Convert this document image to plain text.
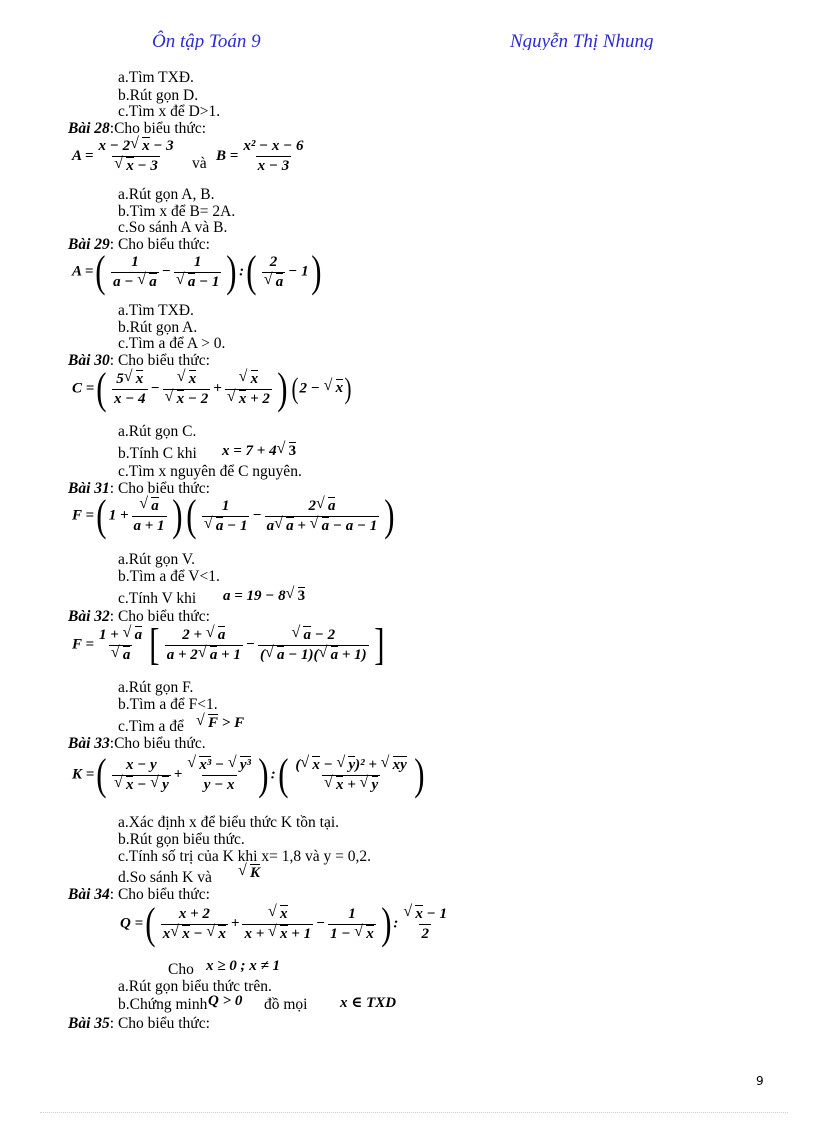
Ôn tập Toán 9	Nguyễn Thị Nhung
a.Tìm TXĐ.
b.Rút gọn D.
c.Tìm x để D>1.
Bài 28:Cho biểu thức:
A = x − 2 √ x − 3
√ x − 3 và $B = \frac{\text{x² − x − 6}}{x - 3}$
a.Rút gọn A, B.
b.Tìm x để B= 2A.
c.So sánh A và B.
Bài 29: Cho biểu thức:
A =( $\frac{1}{a - √ a} - 1$
√ a − 1 ) :( 2
√ a − 1)
a.Tìm TXĐ.
b.Rút gọn A.
c.Tìm a để A > 0.
Bài 30: Cho biểu thức:
C =( $\frac{5 √ x}{x - 4}$ − √ x
√ x − 2 + √ x
√ x + 2 ) ( 2 − √ x)
a.Rút gọn C.
b.Tính C khi x = 7 + 4 √ 3
c.Tìm x nguyên để C nguyên.
Bài 31: Cho biểu thức:
F =( 1 + √ $\frac{a}{a + 1}$ )( 1
√ $a - 1 - \frac{2 √ a}{a √ a + √ a - a - 1}$ )
a.Rút gọn V.
b.Tìm a để V<1.
c.Tính V khi a = 19 − 8 √ 3
Bài 32: Cho biểu thức:
F = 1 + √ a
√ a [ $\frac{2 + √ a}{a + 2 √ a + 1}$ − √ $\frac{a - 2}{( √ a - 1)( √ a + 1)}$ ]
a.Rút gọn F.
b.Tìm a để F<1.
c.Tìm a để	√ F > F
Bài 33:Cho biểu thức.
K =( x − y
√ x − √ y + √ $\frac{\text{x³ − √ y³}}{y - x}$ ) :( ( √ x − √ y)² + √ xy
√ x + √ y )
a.Xác định x để biểu thức K tồn tại.
b.Rút gọn biểu thức.
c.Tính số trị của K khi x= 1,8 và y = 0,2.
d.So sánh K và	√ K
Bài 34: Cho biểu thức:
Q =( $\frac{x + 2}{x √ x - √ x}$ + √ $\frac{x}{x + √ x + 1} - \frac{1}{1 - √ x}$ ) : √ $\frac{x - 1}{2}$
Cho x ≥ 0 ; x ≠ 1
a.Rút gọn biểu thức trên.
b.Chứng minh Q > 0 đồ mọi x ∈ TXD
Bài 35: Cho biểu thức:
9
